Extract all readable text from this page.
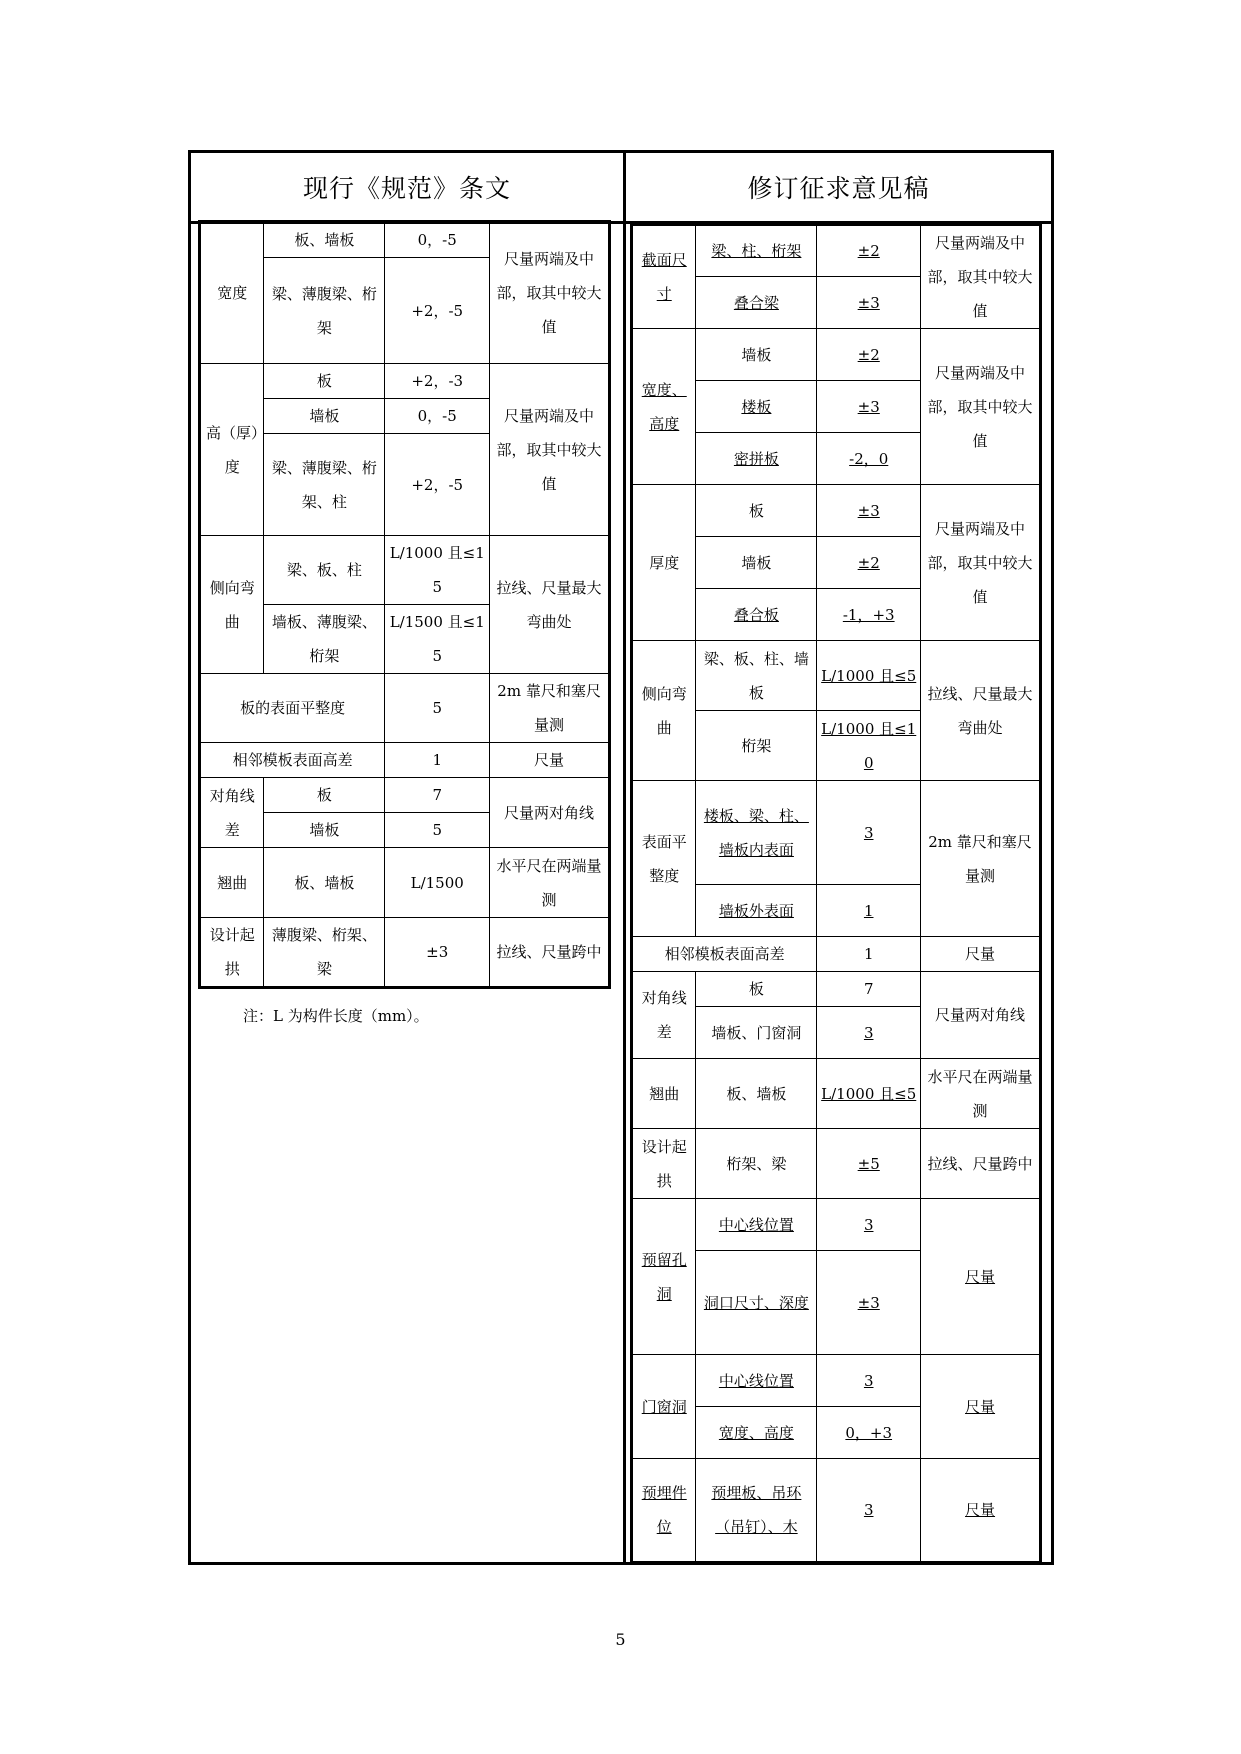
现行《规范》条文	修订征求意见稿
宽度	板、墙板	0，-5	尺量两端及中部，取其中较大值
	梁、薄腹梁、桁架	+2，-5	
高（厚）度	板	+2，-3	尺量两端及中部，取其中较大值
	墙板	0，-5	
	梁、薄腹梁、桁架、柱	+2，-5	
侧向弯曲	梁、板、柱	L/1000 且≤15	拉线、尺量最大弯曲处
	墙板、薄腹梁、桁架	L/1500 且≤15	
板的表面平整度		5	2m 靠尺和塞尺量测
相邻模板表面高差		1	尺量
对角线差	板	7	尺量两对角线
	墙板	5	
翘曲	板、墙板	L/1500	水平尺在两端量测
设计起拱	薄腹梁、桁架、梁	±3	拉线、尺量跨中
注：L 为构件长度（mm）。
截面尺寸	梁、柱、桁架	±2	尺量两端及中部，取其中较大值
	叠合梁	±3	
宽度、高度	墙板	±2	尺量两端及中部，取其中较大值
	楼板	±3	
	密拼板	-2，0	
厚度	板	±3	尺量两端及中部，取其中较大值
	墙板	±2	
	叠合板	-1，+3	
侧向弯曲	梁、板、柱、墙板	L/1000 且≤5	拉线、尺量最大弯曲处
	桁架	L/1000 且≤10	
表面平整度	楼板、梁、柱、墙板内表面	3	2m 靠尺和塞尺量测
	墙板外表面	1	
相邻模板表面高差		1	尺量
对角线差	板	7	尺量两对角线
	墙板、门窗洞	3	
翘曲	板、墙板	L/1000 且≤5	水平尺在两端量测
设计起拱	桁架、梁	±5	拉线、尺量跨中
预留孔洞	中心线位置	3	尺量
	洞口尺寸、深度	±3	
门窗洞	中心线位置	3	尺量
	宽度、高度	0，+3	
预埋件位	预埋板、吊环（吊钉）、木	3	尺量
5
